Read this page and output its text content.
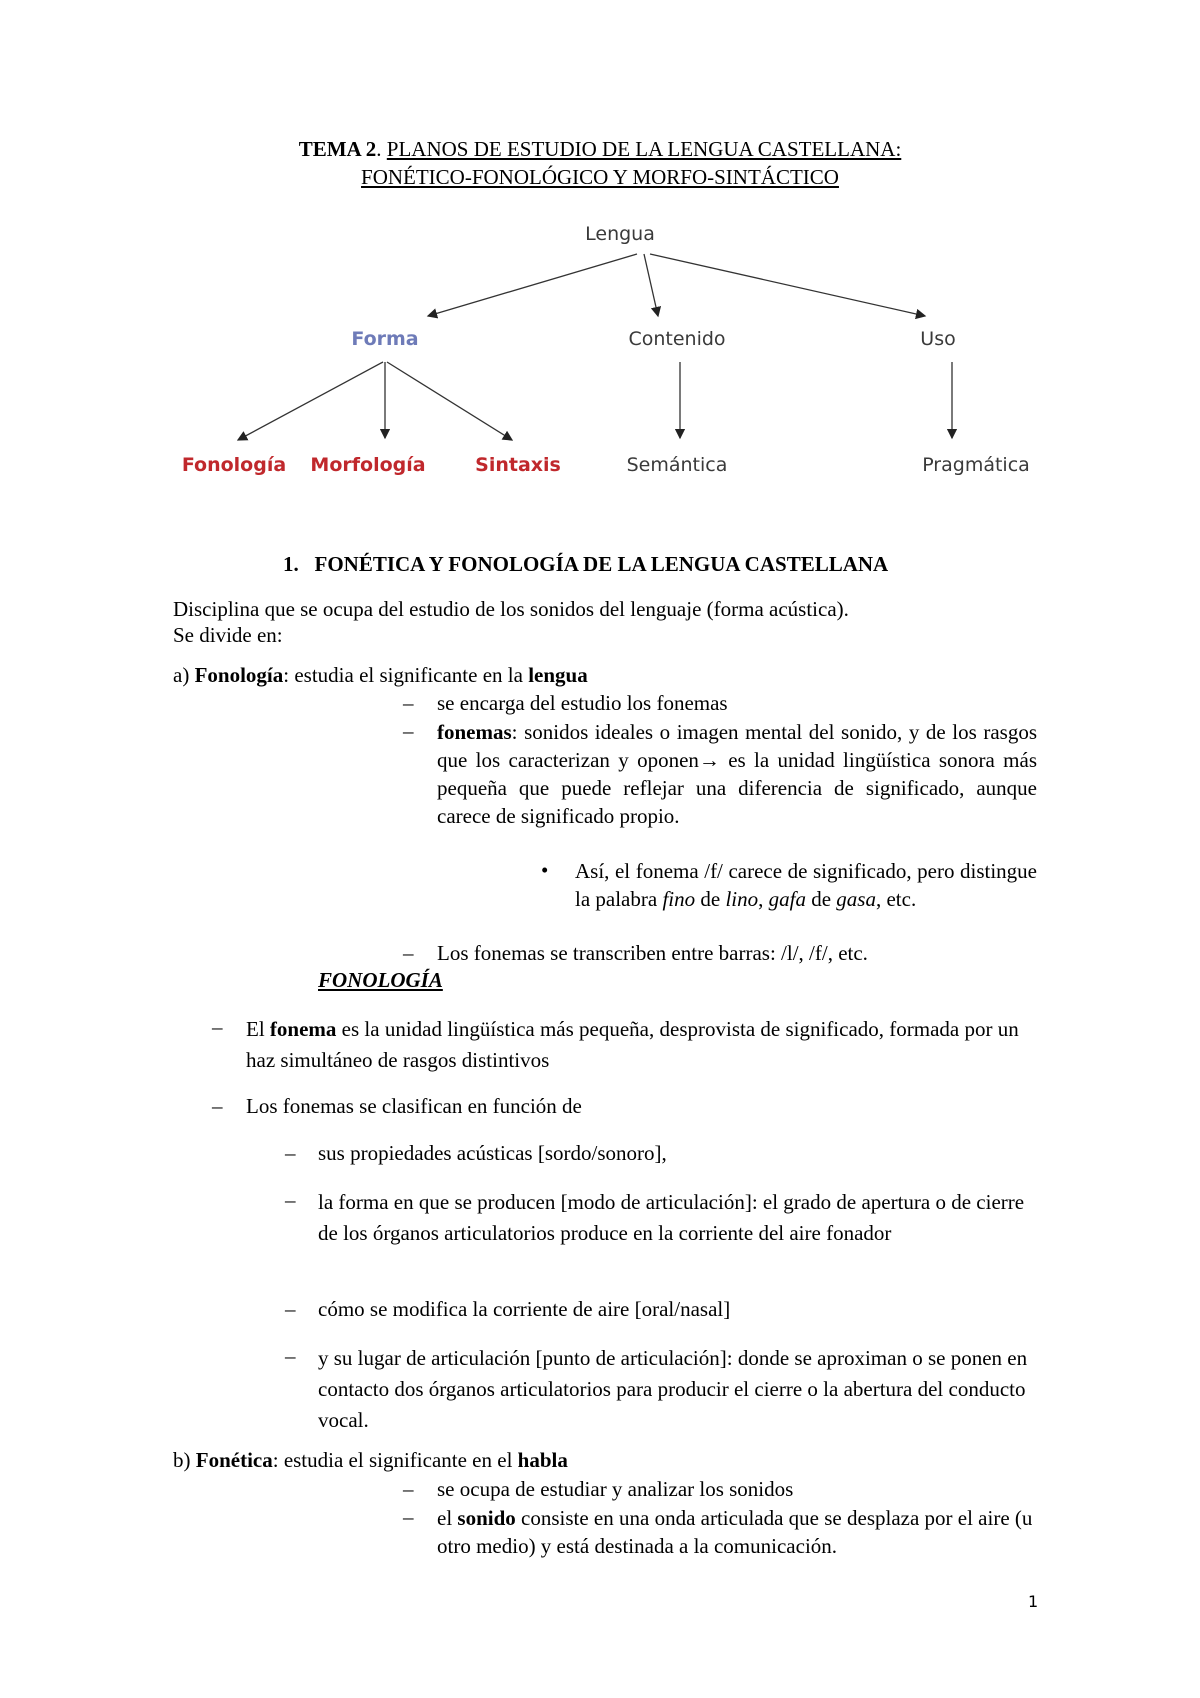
TEMA 2. PLANOS DE ESTUDIO DE LA LENGUA CASTELLANA:
FONÉTICO-FONOLÓGICO Y MORFO-SINTÁCTICO
Lengua
Forma	Contenido	Uso
Fonología Morfología	Sintaxis	Semántica	Pragmática
1. FONÉTICA Y FONOLOGÍA DE LA LENGUA CASTELLANA
Disciplina que se ocupa del estudio de los sonidos del lenguaje (forma acústica).
Se divide en:
a) Fonología: estudia el significante en la lengua
– se encarga del estudio los fonemas
– fonemas: sonidos ideales o imagen mental del sonido, y de los rasgos que los caracterizan y oponen→ es la unidad lingüística sonora más pequeña que puede reflejar una diferencia de significado, aunque carece de significado propio.
• Así, el fonema /f/ carece de significado, pero distingue la palabra fino de lino, gafa de gasa, etc.
– Los fonemas se transcriben entre barras: /l/, /f/, etc.
FONOLOGÍA
– El fonema es la unidad lingüística más pequeña, desprovista de significado, formada por un haz simultáneo de rasgos distintivos
– Los fonemas se clasifican en función de
– sus propiedades acústicas [sordo/sonoro],
– la forma en que se producen [modo de articulación]: el grado de apertura o de cierre de los órganos articulatorios produce en la corriente del aire fonador
– cómo se modifica la corriente de aire [oral/nasal]
– y su lugar de articulación [punto de articulación]: donde se aproximan o se ponen en contacto dos órganos articulatorios para producir el cierre o la abertura del conducto vocal.
b) Fonética: estudia el significante en el habla
– se ocupa de estudiar y analizar los sonidos
– el sonido consiste en una onda articulada que se desplaza por el aire (u otro medio) y está destinada a la comunicación.
1
